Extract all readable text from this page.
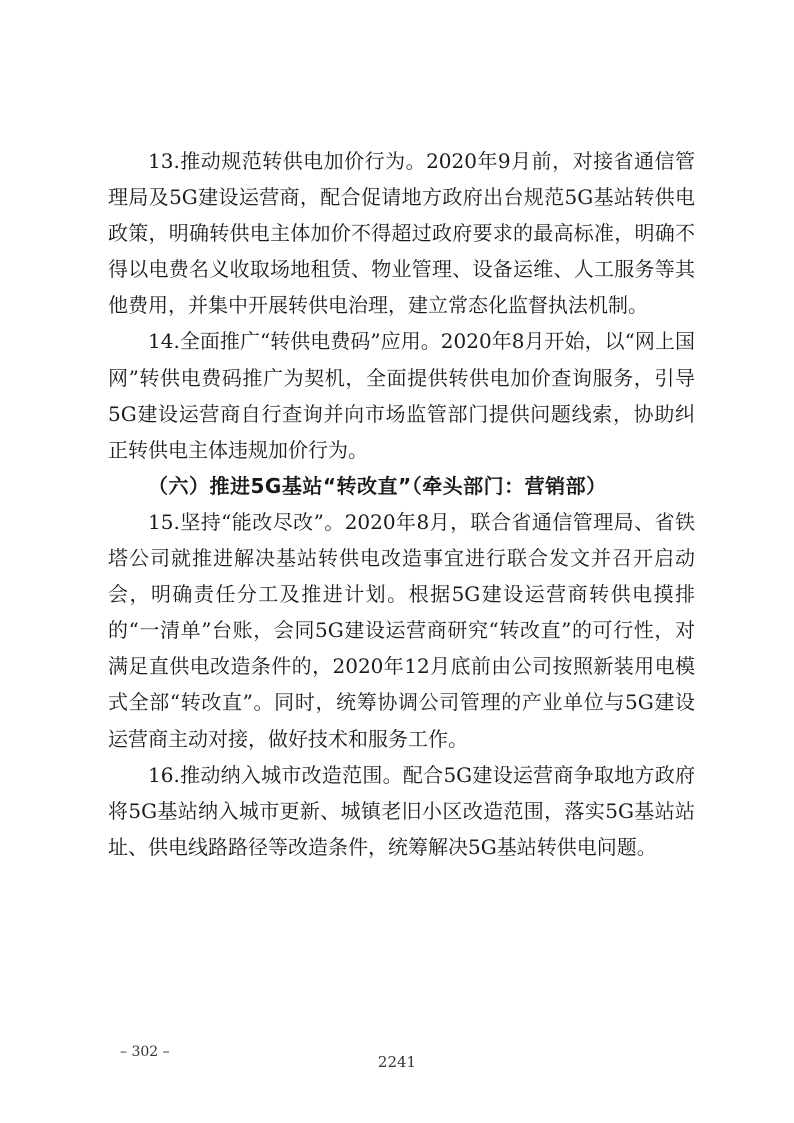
13.推动规范转供电加价行为。2020年9月前，对接省通信管理局及5G建设运营商，配合促请地方政府出台规范5G基站转供电政策，明确转供电主体加价不得超过政府要求的最高标准，明确不得以电费名义收取场地租赁、物业管理、设备运维、人工服务等其他费用，并集中开展转供电治理，建立常态化监督执法机制。

14.全面推广“转供电费码”应用。2020年8月开始，以“网上国网”转供电费码推广为契机，全面提供转供电加价查询服务，引导5G建设运营商自行查询并向市场监管部门提供问题线索，协助纠正转供电主体违规加价行为。

（六）推进5G基站“转改直”（牵头部门：营销部）

15.坚持“能改尽改”。2020年8月，联合省通信管理局、省铁塔公司就推进解决基站转供电改造事宜进行联合发文并召开启动会，明确责任分工及推进计划。根据5G建设运营商转供电摸排的“一清单”台账，会同5G建设运营商研究“转改直”的可行性，对满足直供电改造条件的，2020年12月底前由公司按照新装用电模式全部“转改直”。同时，统筹协调公司管理的产业单位与5G建设运营商主动对接，做好技术和服务工作。

16.推动纳入城市改造范围。配合5G建设运营商争取地方政府将5G基站纳入城市更新、城镇老旧小区改造范围，落实5G基站站址、供电线路路径等改造条件，统筹解决5G基站转供电问题。

– 302 –
2241
